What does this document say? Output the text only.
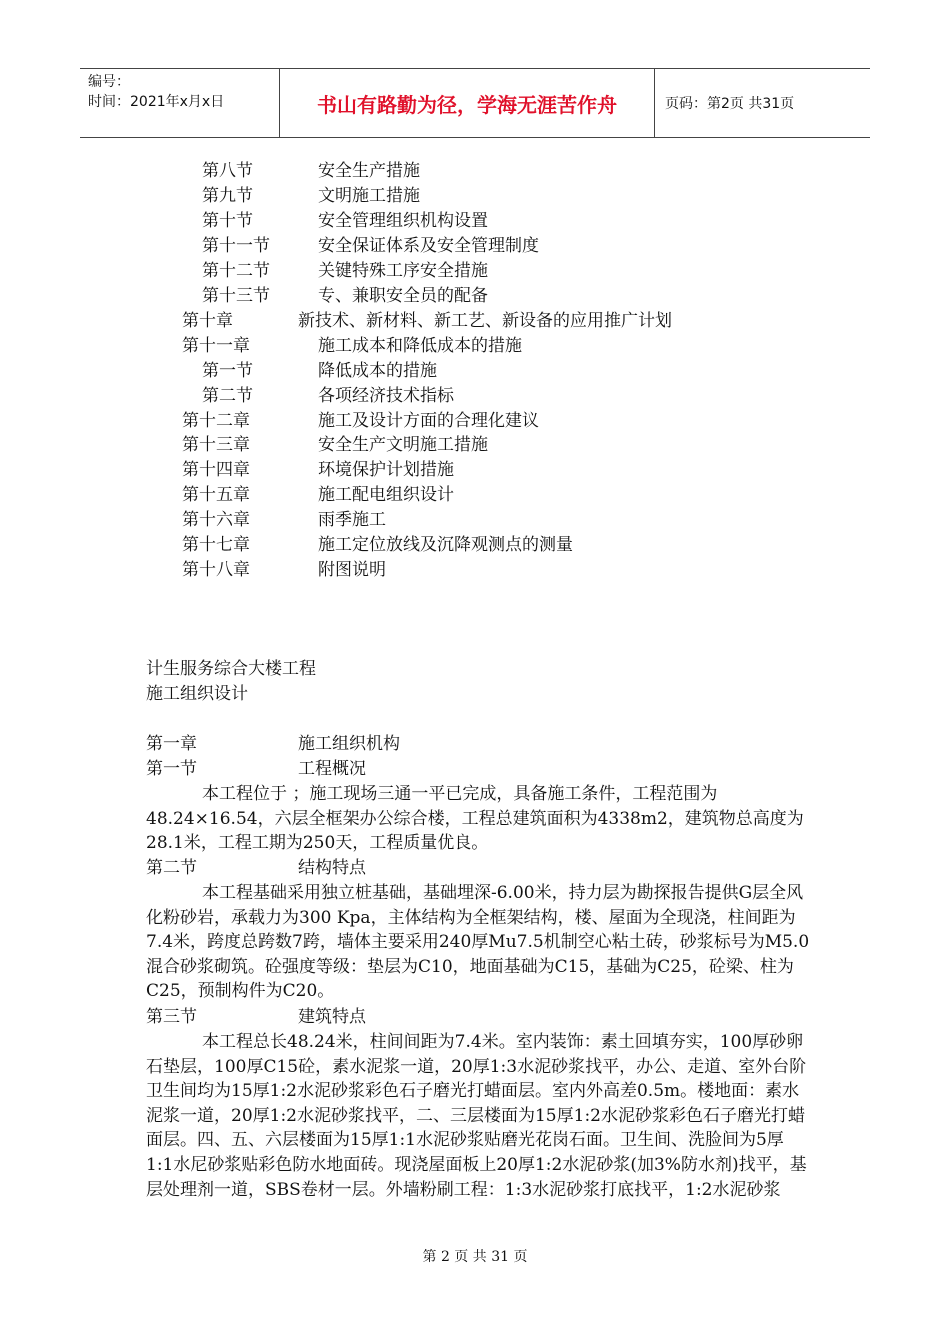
编号：
时间：2021年x月x日	书山有路勤为径，学海无涯苦作舟	页码：第2页 共31页
第八节	安全生产措施
第九节	文明施工措施
第十节	安全管理组织机构设置
第十一节	安全保证体系及安全管理制度
第十二节	关键特殊工序安全措施
第十三节	专、兼职安全员的配备
第十章	新技术、新材料、新工艺、新设备的应用推广计划
第十一章	施工成本和降低成本的措施
第一节	降低成本的措施
第二节	各项经济技术指标
第十二章	施工及设计方面的合理化建议
第十三章	安全生产文明施工措施
第十四章	环境保护计划措施
第十五章	施工配电组织设计
第十六章	雨季施工
第十七章	施工定位放线及沉降观测点的测量
第十八章	附图说明
计生服务综合大楼工程
施工组织设计
第一章	施工组织机构
第一节	工程概况

本工程位于 ；施工现场三通一平已完成，具备施工条件，工程范围为48.24×16.54，六层全框架办公综合楼，工程总建筑面积为4338m2，建筑物总高度为28.1米，工程工期为250天，工程质量优良。

第二节	结构特点

本工程基础采用独立桩基础，基础埋深-6.00米，持力层为勘探报告提供G层全风化粉砂岩，承载力为300 Kpa，主体结构为全框架结构，楼、屋面为全现浇，柱间距为7.4米，跨度总跨数7跨，墙体主要采用240厚Mu7.5机制空心粘土砖，砂浆标号为M5.0混合砂浆砌筑。砼强度等级：垫层为C10，地面基础为C15，基础为C25，砼梁、柱为C25，预制构件为C20。

第三节	建筑特点

本工程总长48.24米，柱间间距为7.4米。室内装饰：素土回填夯实，100厚砂卵石垫层，100厚C15砼，素水泥浆一道，20厚1:3水泥砂浆找平，办公、走道、室外台阶卫生间均为15厚1:2水泥砂浆彩色石子磨光打蜡面层。室内外高差0.5m。楼地面：素水泥浆一道，20厚1:2水泥砂浆找平，二、三层楼面为15厚1:2水泥砂浆彩色石子磨光打蜡面层。四、五、六层楼面为15厚1:1水泥砂浆贴磨光花岗石面。卫生间、洗脸间为5厚1:1水尼砂浆贴彩色防水地面砖。现浇屋面板上20厚1:2水泥砂浆(加3%防水剂)找平，基层处理剂一道，SBS卷材一层。外墙粉刷工程：1:3水泥砂浆打底找平，1:2水泥砂浆

第 2 页 共 31 页
